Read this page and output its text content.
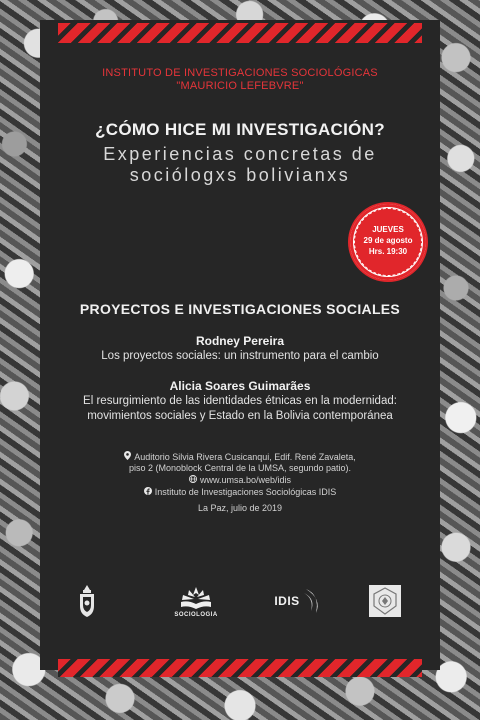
INSTITUTO DE INVESTIGACIONES SOCIOLÓGICAS
"MAURICIO LEFEBVRE"
¿CÓMO HICE MI INVESTIGACIÓN?
Experiencias concretas de
sociólogxs bolivianxs
JUEVES
29 de agosto
Hrs. 19:30
PROYECTOS E INVESTIGACIONES SOCIALES
Rodney Pereira
Los proyectos sociales: un instrumento para el cambio
Alicia Soares Guimarães
El resurgimiento de las identidades étnicas en la modernidad:
movimientos sociales y Estado en la Bolivia contemporánea
Auditorio Silvia Rivera Cusicanqui, Edif. René Zavaleta,
piso 2 (Monoblock Central de la UMSA, segundo patio).
www.umsa.bo/web/idis
Instituto de Investigaciones Sociológicas IDIS
La Paz, julio de 2019
SOCIOLOGIA
IDIS
